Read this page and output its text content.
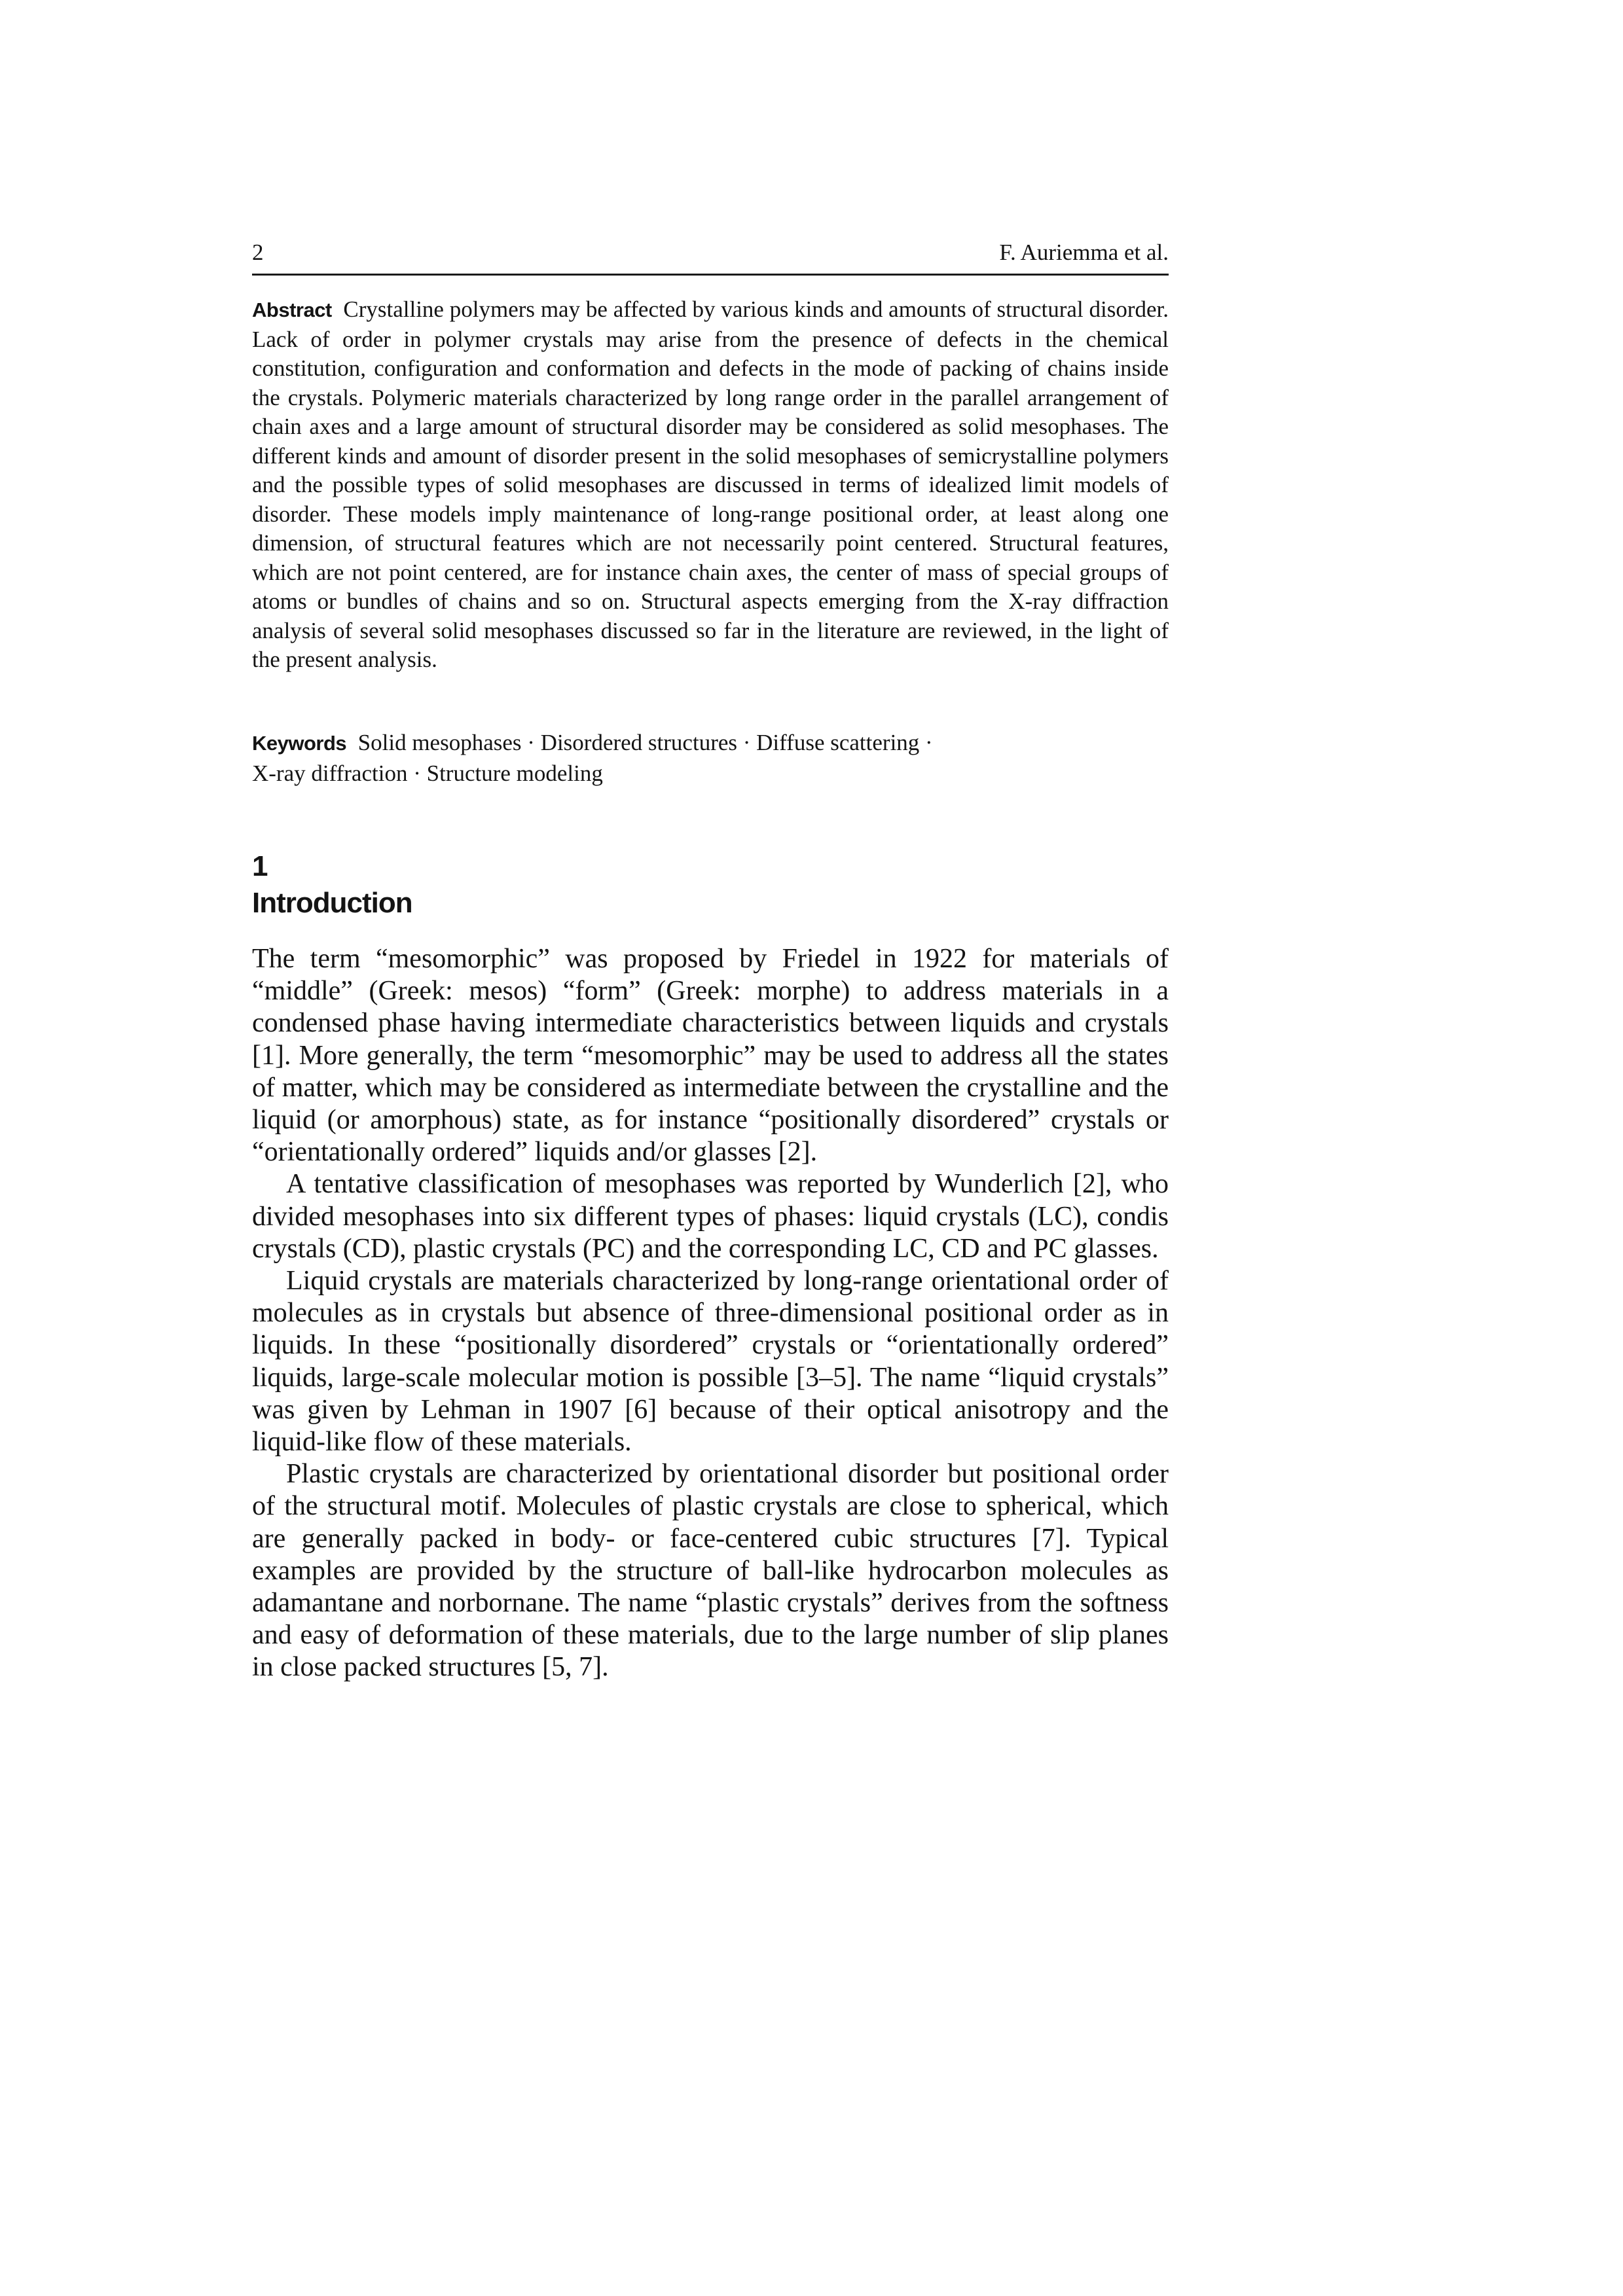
2	F. Auriemma et al.
Abstract Crystalline polymers may be affected by various kinds and amounts of structural disorder. Lack of order in polymer crystals may arise from the presence of defects in the chemical constitution, configuration and conformation and defects in the mode of packing of chains inside the crystals. Polymeric materials characterized by long range order in the parallel arrangement of chain axes and a large amount of structural disorder may be considered as solid mesophases. The different kinds and amount of disorder present in the solid mesophases of semicrystalline polymers and the possible types of solid mesophases are discussed in terms of idealized limit models of disorder. These models imply maintenance of long-range positional order, at least along one dimension, of structural features which are not necessarily point centered. Structural features, which are not point centered, are for instance chain axes, the center of mass of special groups of atoms or bundles of chains and so on. Structural aspects emerging from the X-ray diffraction analysis of several solid mesophases discussed so far in the literature are reviewed, in the light of the present analysis.
Keywords Solid mesophases · Disordered structures · Diffuse scattering ·
X-ray diffraction · Structure modeling
1
Introduction

The term “mesomorphic” was proposed by Friedel in 1922 for materials of “middle” (Greek: mesos) “form” (Greek: morphe) to address materials in a condensed phase having intermediate characteristics between liquids and crystals [1]. More generally, the term “mesomorphic” may be used to address all the states of matter, which may be considered as intermediate between the crystalline and the liquid (or amorphous) state, as for instance “positionally disordered” crystals or “orientationally ordered” liquids and/or glasses [2].

A tentative classification of mesophases was reported by Wunderlich [2], who divided mesophases into six different types of phases: liquid crystals (LC), condis crystals (CD), plastic crystals (PC) and the corresponding LC, CD and PC glasses.

Liquid crystals are materials characterized by long-range orientational order of molecules as in crystals but absence of three-dimensional positional order as in liquids. In these “positionally disordered” crystals or “orientationally ordered” liquids, large-scale molecular motion is possible [3–5]. The name “liquid crystals” was given by Lehman in 1907 [6] because of their optical anisotropy and the liquid-like flow of these materials.

Plastic crystals are characterized by orientational disorder but positional order of the structural motif. Molecules of plastic crystals are close to spherical, which are generally packed in body- or face-centered cubic structures [7]. Typical examples are provided by the structure of ball-like hydrocarbon molecules as adamantane and norbornane. The name “plastic crystals” derives from the softness and easy of deformation of these materials, due to the large number of slip planes in close packed structures [5, 7].
